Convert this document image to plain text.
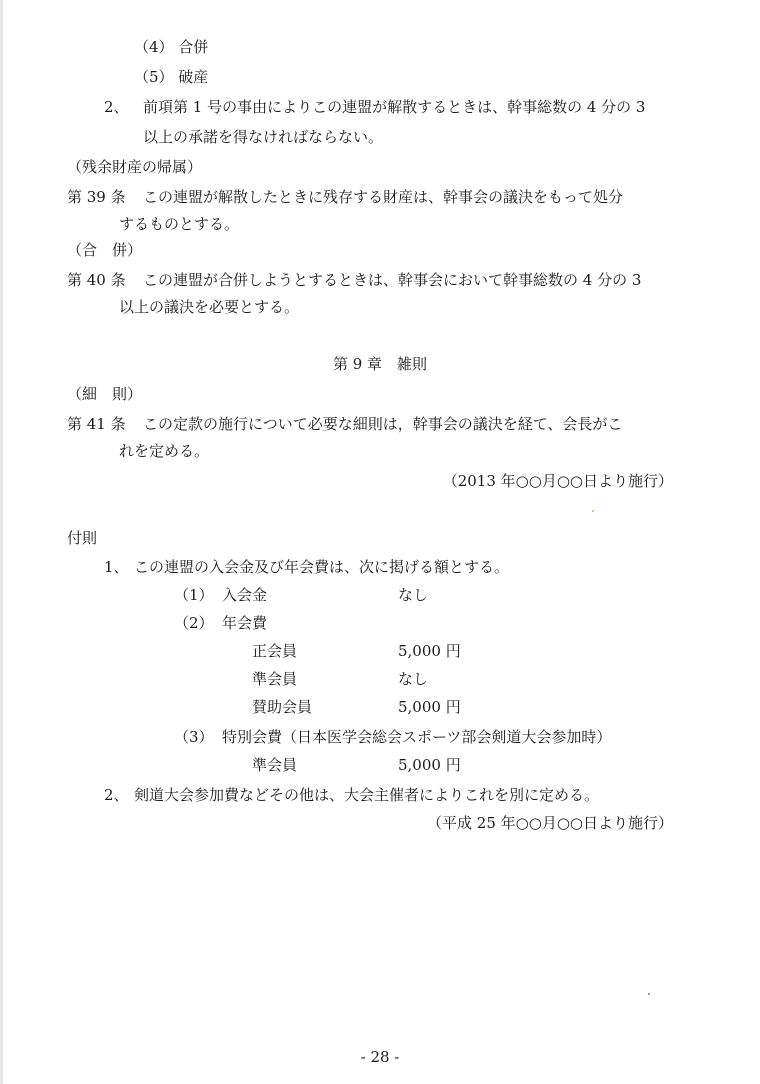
（4） 合併
（5） 破産
2、 前項第 1 号の事由によりこの連盟が解散するときは、幹事総数の 4 分の 3
以上の承諾を得なければならない。
（残余財産の帰属）
第 39 条 この連盟が解散したときに残存する財産は、幹事会の議決をもって処分
するものとする。
（合　併）
第 40 条 この連盟が合併しようとするときは、幹事会において幹事総数の 4 分の 3
以上の議決を必要とする。
第 9 章　雑則
（細　則）
第 41 条 この定款の施行について必要な細則は，幹事会の議決を経て、会長がこ
れを定める。
（2013 年○○月○○日より施行）
付則
1、 この連盟の入会金及び年会費は、次に掲げる額とする。
（1） 入会金	なし
（2） 年会費
正会員	5,000 円
準会員	なし
賛助会員	5,000 円
（3） 特別会費（日本医学会総会スポーツ部会剣道大会参加時）
準会員	5,000 円
2、 剣道大会参加費などその他は、大会主催者によりこれを別に定める。
（平成 25 年○○月○○日より施行）
- 28 -
